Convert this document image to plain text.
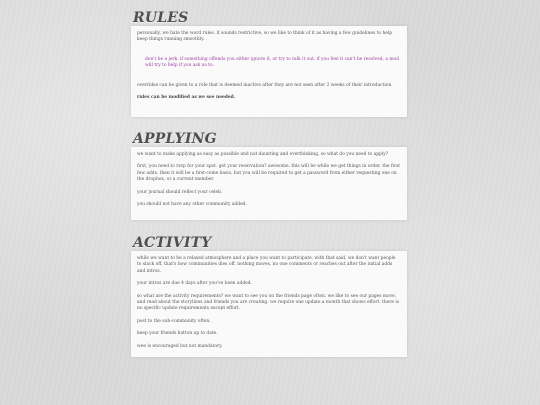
RULES

personally, we hate the word rules. it sounds restrictive, so we like to think of it as having a few guidelines to help keep things running smoothly.

don't be a jerk. if something offends you either ignore it, or try to talk it out. if you feel it can't be resolved, a mod will try to help if you ask us to.

overrides can be given to a role that is deemed inactive after they are not seen after 2 weeks of their introduction.

rules can be modified as we see needed.

APPLYING

we want to make applying as easy as possible and not daunting and overthinking, so what do you need to apply?

first, you need to rsvp for your spot. got your reservation? awesome. this will be while we get things in order. the first few adds. then it will be a first-come basis. but you will be required to get a password from either requesting one on the dropbox, or a current member.

your journal should reflect your celeb.

you should not have any other community added.

ACTIVITY

while we want to be a relaxed atmosphere and a place you want to participate. with that said, we don't want people to slack off, that's how communities dies off. nothing moves, no one comments or reaches out after the initial adds and intros.

your intros are due 4 days after you've been added.

so what are the activity requirements? we want to see you on the friends page often. we like to see our pages move, and read about the storylines and friends you are creating. we require one update a month that shows effort. there is no specific update requirements except effort.

post to the sub-community often.

keep your friends button up to date.

wee is encouraged but not mandatory.
